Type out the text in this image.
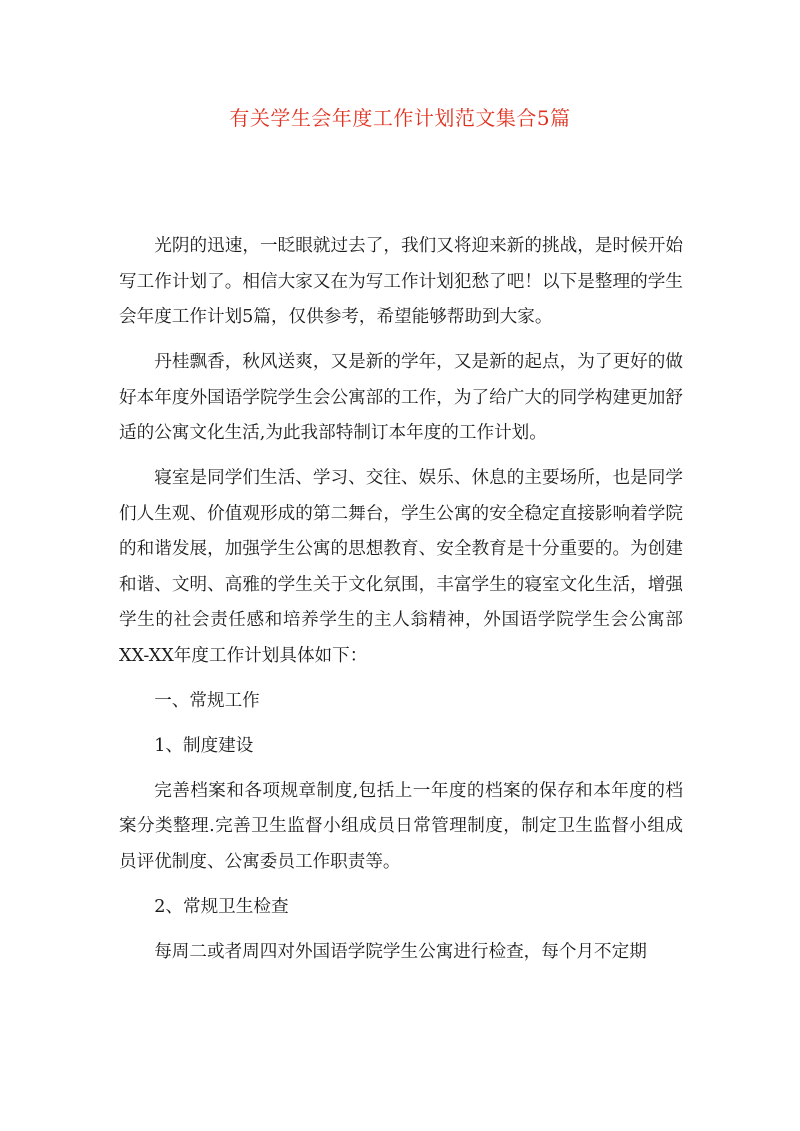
有关学生会年度工作计划范文集合5篇

光阴的迅速，一眨眼就过去了，我们又将迎来新的挑战，是时候开始写工作计划了。相信大家又在为写工作计划犯愁了吧！以下是整理的学生会年度工作计划5篇，仅供参考，希望能够帮助到大家。

丹桂飘香，秋风送爽，又是新的学年，又是新的起点，为了更好的做好本年度外国语学院学生会公寓部的工作，为了给广大的同学构建更加舒适的公寓文化生活,为此我部特制订本年度的工作计划。

寝室是同学们生活、学习、交往、娱乐、休息的主要场所，也是同学们人生观、价值观形成的第二舞台，学生公寓的安全稳定直接影响着学院的和谐发展，加强学生公寓的思想教育、安全教育是十分重要的。为创建和谐、文明、高雅的学生关于文化氛围，丰富学生的寝室文化生活，增强学生的社会责任感和培养学生的主人翁精神，外国语学院学生会公寓部XX-XX年度工作计划具体如下：

一、常规工作

1、制度建设

完善档案和各项规章制度,包括上一年度的档案的保存和本年度的档案分类整理.完善卫生监督小组成员日常管理制度，制定卫生监督小组成员评优制度、公寓委员工作职责等。

2、常规卫生检查

每周二或者周四对外国语学院学生公寓进行检查，每个月不定期
